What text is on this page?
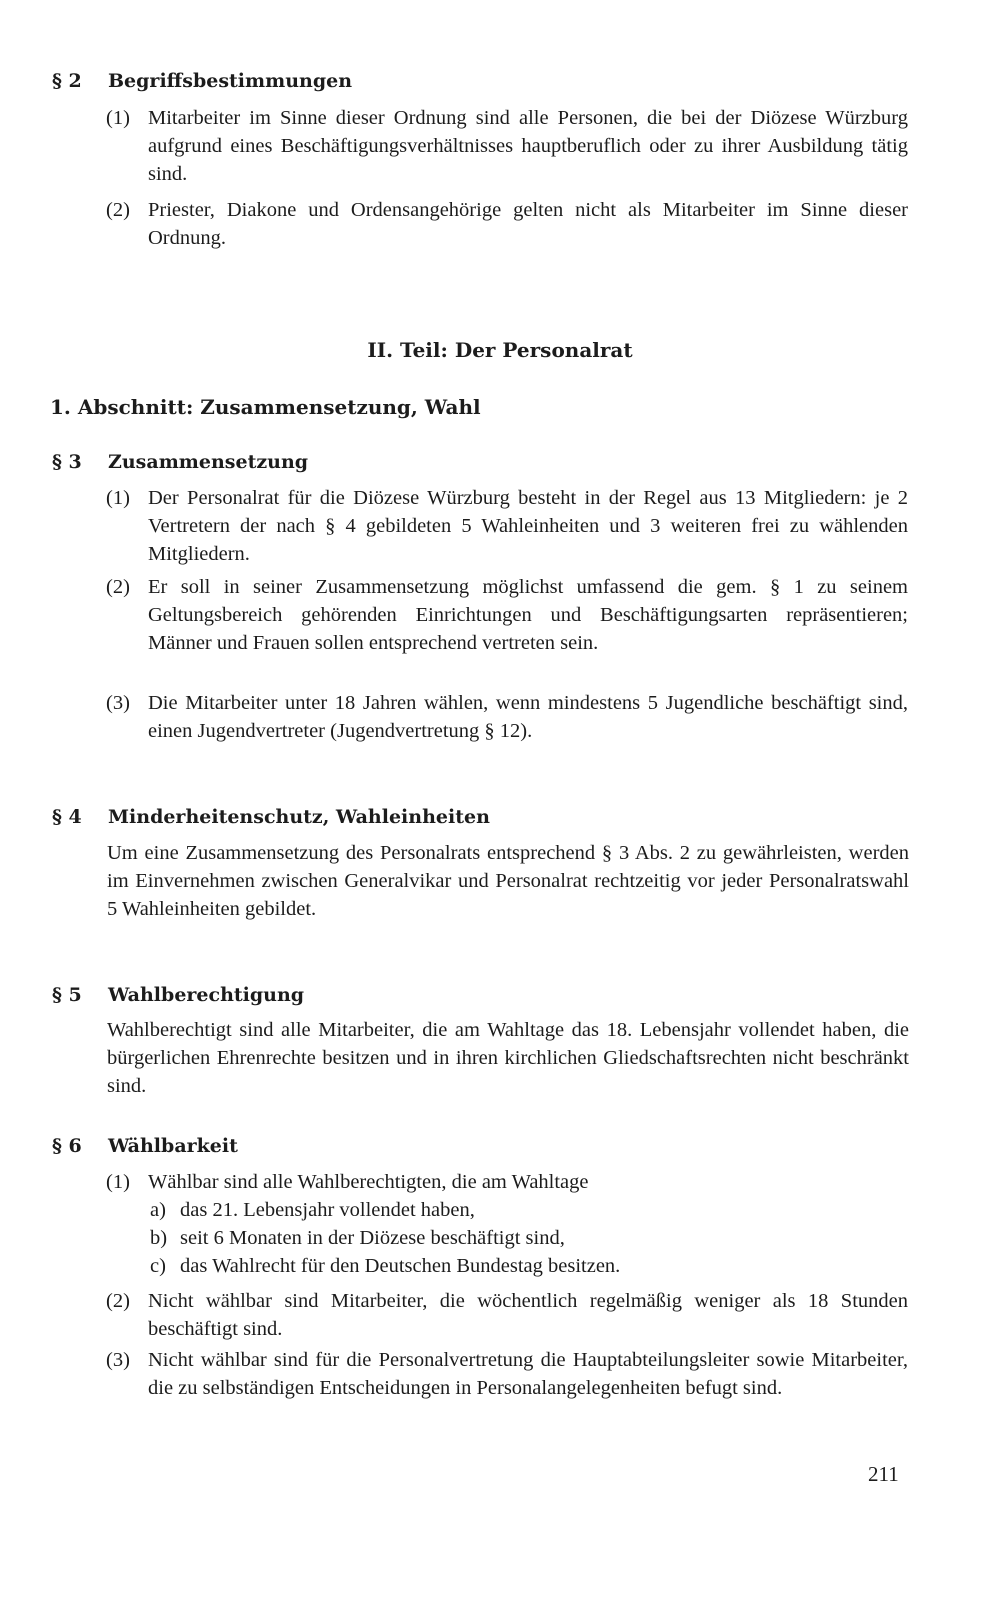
§ 2 Begriffsbestimmungen
(1) Mitarbeiter im Sinne dieser Ordnung sind alle Personen, die bei der Diözese Würzburg aufgrund eines Beschäftigungsverhältnisses hauptberuflich oder zu ihrer Ausbildung tätig sind.
(2) Priester, Diakone und Ordensangehörige gelten nicht als Mitarbeiter im Sinne dieser Ordnung.
II. Teil: Der Personalrat
1. Abschnitt: Zusammensetzung, Wahl
§ 3 Zusammensetzung
(1) Der Personalrat für die Diözese Würzburg besteht in der Regel aus 13 Mitgliedern: je 2 Vertretern der nach § 4 gebildeten 5 Wahleinheiten und 3 weiteren frei zu wählenden Mitgliedern.
(2) Er soll in seiner Zusammensetzung möglichst umfassend die gem. § 1 zu seinem Geltungsbereich gehörenden Einrichtungen und Beschäftigungsarten repräsentieren; Männer und Frauen sollen entsprechend vertreten sein.
(3) Die Mitarbeiter unter 18 Jahren wählen, wenn mindestens 5 Jugendliche beschäftigt sind, einen Jugendvertreter (Jugendvertretung § 12).
§ 4 Minderheitenschutz, Wahleinheiten

Um eine Zusammensetzung des Personalrats entsprechend § 3 Abs. 2 zu gewährleisten, werden im Einvernehmen zwischen Generalvikar und Personalrat rechtzeitig vor jeder Personalratswahl 5 Wahleinheiten gebildet.

§ 5 Wahlberechtigung

Wahlberechtigt sind alle Mitarbeiter, die am Wahltage das 18. Lebensjahr vollendet haben, die bürgerlichen Ehrenrechte besitzen und in ihren kirchlichen Gliedschaftsrechten nicht beschränkt sind.

§ 6 Wählbarkeit
(1) Wählbar sind alle Wahlberechtigten, die am Wahltage
a) das 21. Lebensjahr vollendet haben,
b) seit 6 Monaten in der Diözese beschäftigt sind,
c) das Wahlrecht für den Deutschen Bundestag besitzen.
(2) Nicht wählbar sind Mitarbeiter, die wöchentlich regelmäßig weniger als 18 Stunden beschäftigt sind.
(3) Nicht wählbar sind für die Personalvertretung die Hauptabteilungsleiter sowie Mitarbeiter, die zu selbständigen Entscheidungen in Personalangelegenheiten befugt sind.
211
